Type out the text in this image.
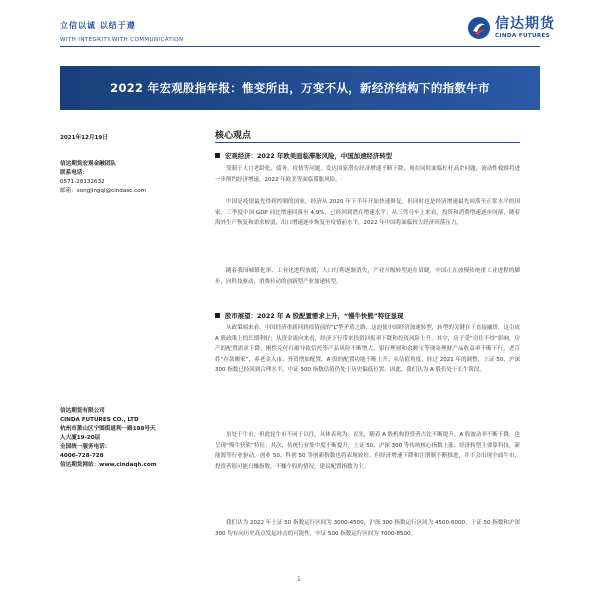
立信以诚 以结于遵
WITH INTEGRITY.WITH COMMUNICATION
信达期货
CINDA FUTURES
2022 年宏观股指年报：惟变所由，万变不从，新经济结构下的指数牛市
2021年12月19日
信达期货宏观金融团队
联系电话：
0571-28132632
邮箱：songjingqi@cindasc.com
信达期货有限公司
CINDA FUTURES CO., LTD
杭州市萧山区宁围街道利一路188号天
人大厦19-20层
全国统一服务电话：
4006-728-728
信达期货网站：www.cindaqh.com
核心观点
宏观经济：2022 年欧美面临滞胀风险，中国加速经济转型
受制于人口老龄化、债务、疫情等问题，发达国家潜在经济增速不断下降，现在同时面临杠杆高企问题，流动性救赎将进一步削约经济增速，2022 年欧美等面临滞胀风险。
中国是疫情最先得到控制的国家，经济从 2020 年下半年开始快速修复，但同时也是经济增速最先回落至正常水平的国家，三季度中国 GDP 同比增速回落至 4.9%，已经回到潜在增速水平；从三驾马车上来看，投资和消费增速逐步回落，随着海外生产恢复和需求转弱，出口增速逐步恢复至疫情前水平，2022 年中国将面临较大经济回落压力。
随着我国城镇化率、工业化进程放缓，人口红利逐渐消失，产业升级转型迫在眉睫，中国正在放慢传统重工业进程的脚步，向科技驱动、消费拉动的创新型产业加速转型。
股市展望：2022 年 A 股配置需求上升，“慢牛快熊”特征显现
从政策端来看，中国经济重新回到疫情前的“L”型矛盾之路，这迫使中国经济加速转型，转型的关键在于直接融资，这引成 A 股政策上的长期利好；从资金流向来看，经济下行带来投资回报率下降和投资风险上升，其中，房子受“房住不炒”影响，房产的配置需求下降，刚性兑付打破导致信托等产品风险不断增大，银行理财和余额宝等现金理财产品收益率不断下行，老百姓“存款搬家”，养老金入市、外资增加配置，A 股的配置功能不断上升；从估值角度，经过 2021 年的调整，上证 50、沪深 300 指数已经回到合理水平，中证 500 指数估值仍处于历史偏低位置。因此，我们认为 A 股仍处于长牛阶段。
虽处于牛市，但此轮牛市不同于以往，具体表现为：首先，随着 A 股机构投资者占比不断提升，A 股波动率不断下降，也呈现“慢牛快熊”特征；其次，传统行业集中度不断提升，上证 50、沪深 300 等传统核心指数上涨；经济转型主要靠科技，新能源等行业驱动，创业 50、科创 50 等创新指数也将表现较好。但经济增速下降和注册制不断推进，并不会出现全面牛市，投资者很可能只赚指数，不赚个股的情况，建议配置指数为主。
我们认为 2022 年上证 50 指数运行区间为 3000-4500，沪深 300 指数运行区间为 4500-6000，上证 50 指数和沪深 300 均有向历史高点发起冲击的可能性，中证 500 指数运行区间为 7000-8500。
1
